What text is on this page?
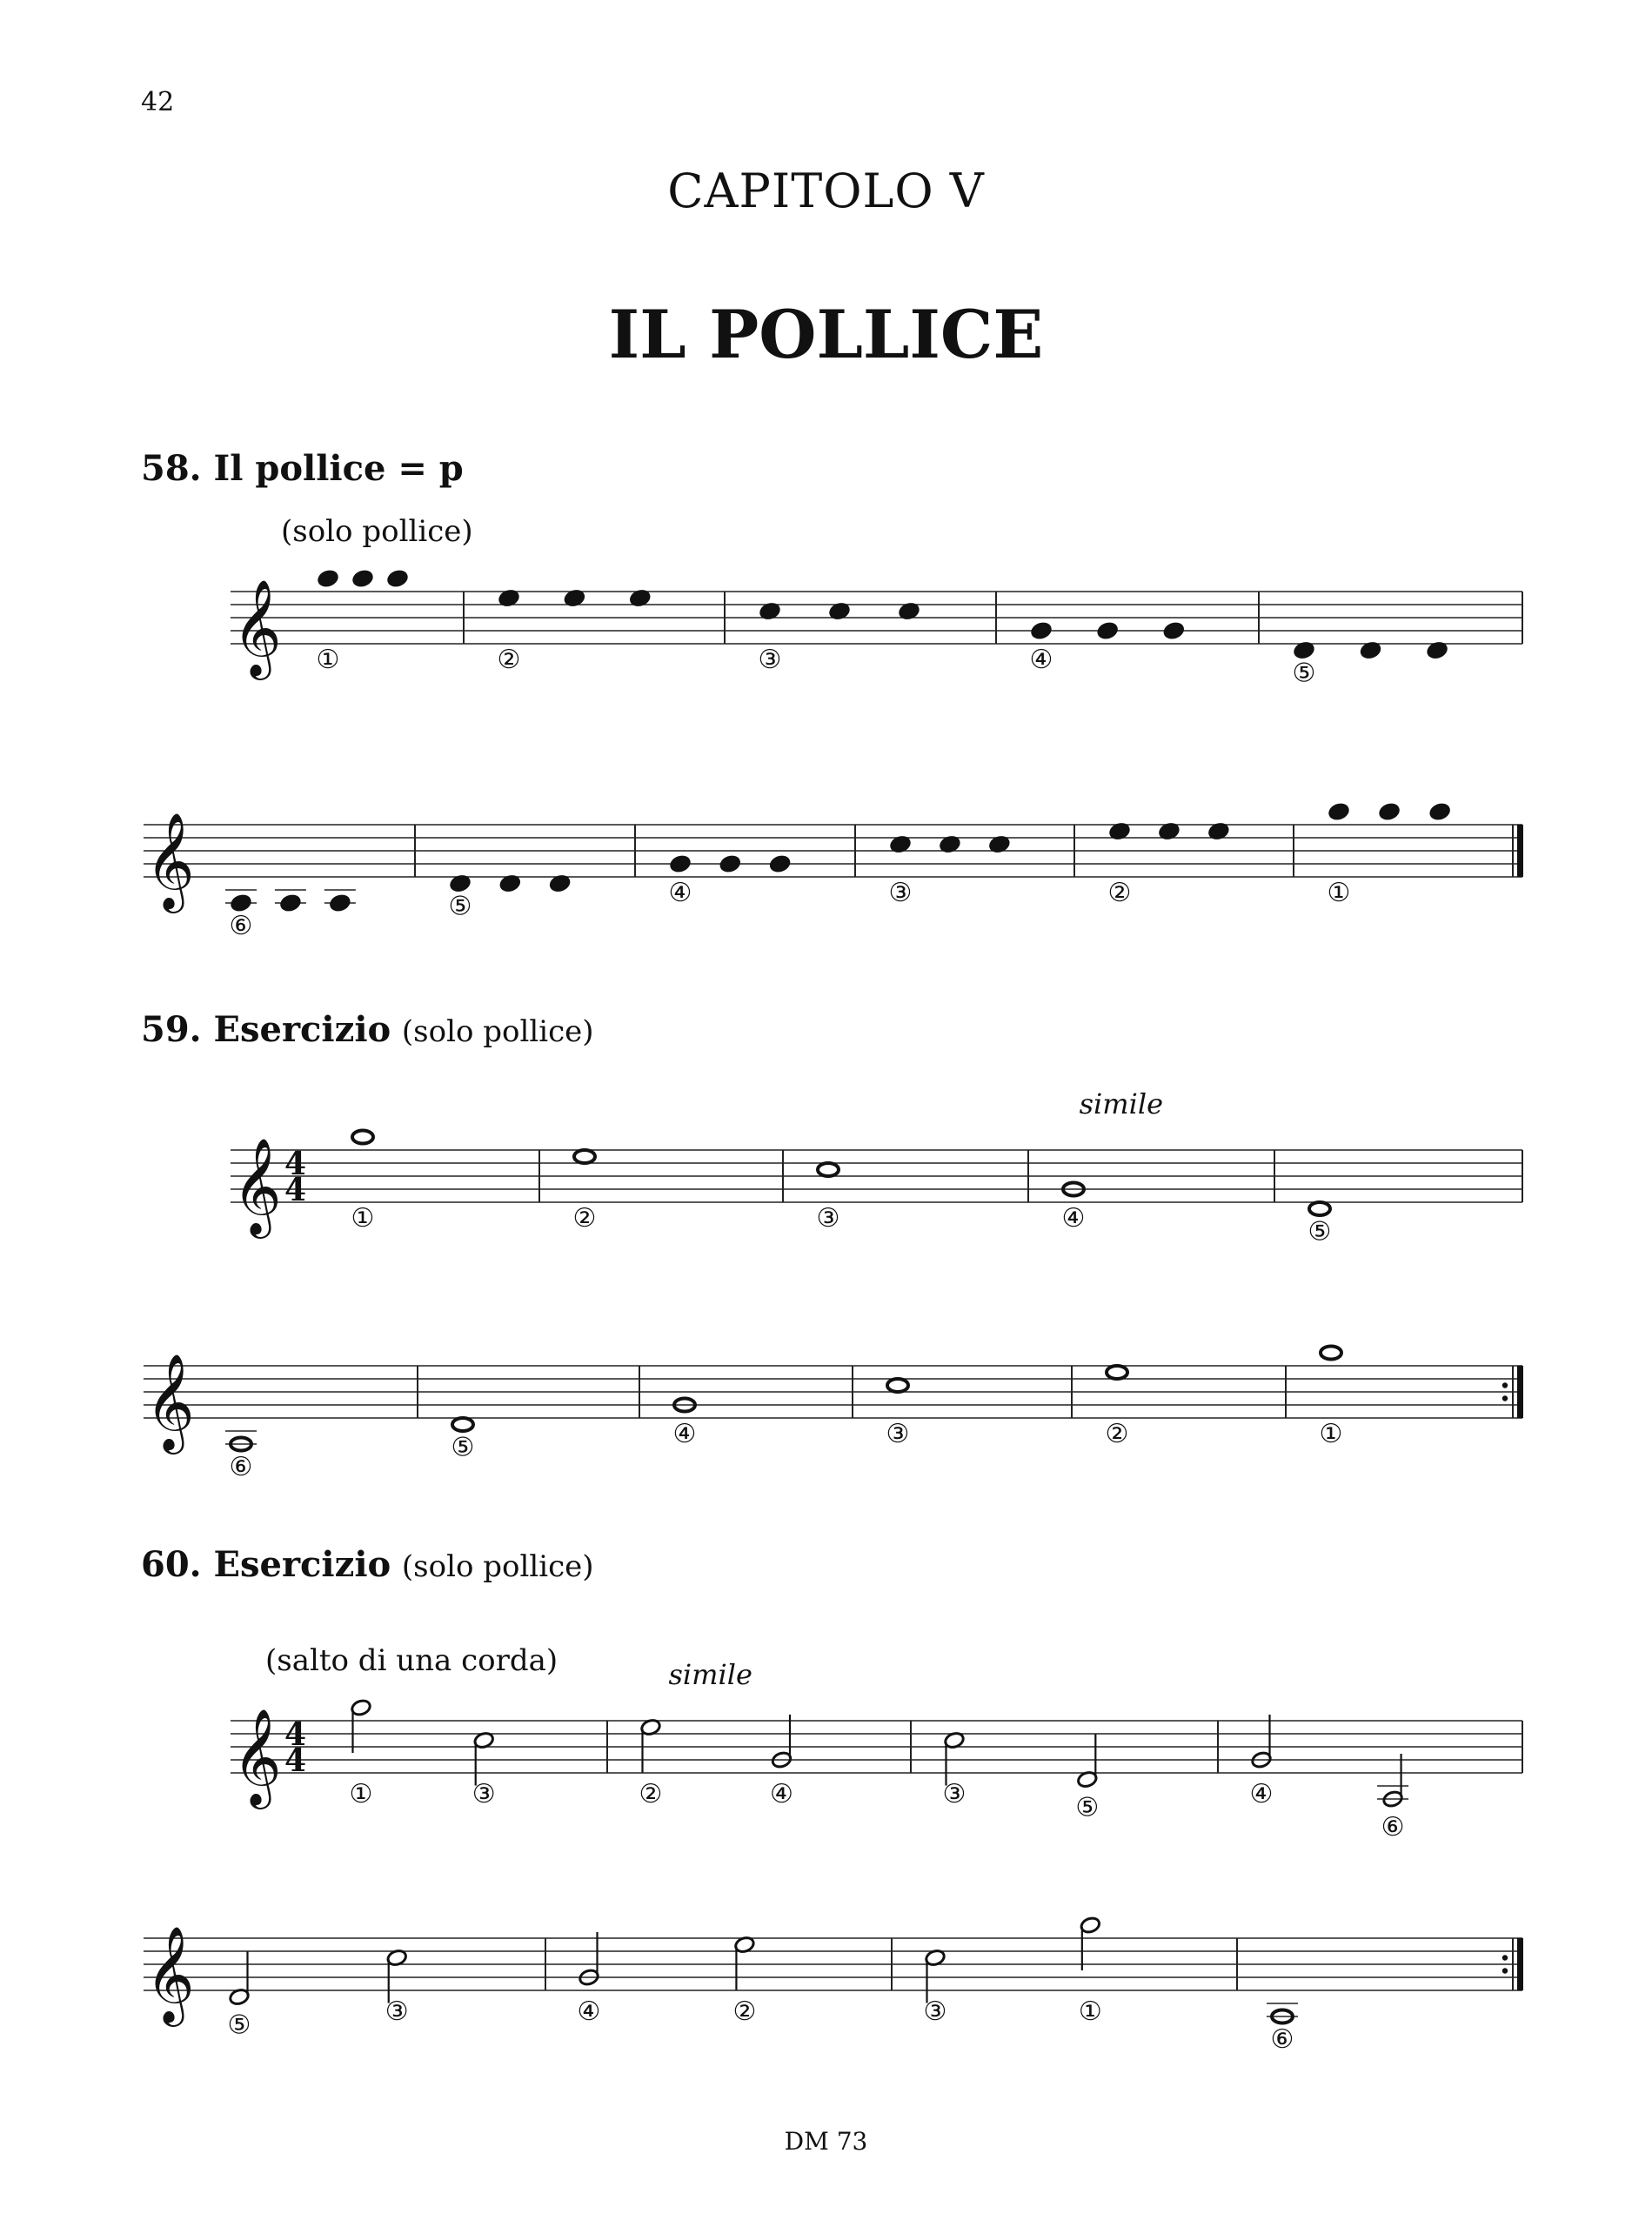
42
CAPITOLO V
IL POLLICE
58. Il pollice = p
59. Esercizio (solo pollice)
60. Esercizio (solo pollice)
𝄞
(solo pollice)
①	②	③	④	⑤
𝄞
⑥
⑤	④	③	②	①
𝄞 4
4
①	②	③
simile
④	⑤
𝄞
⑥
⑤	④	③	②	①
𝄞 4
4
(salto di una corda)
①	③
simile
②	④	③	⑤	④
⑥
𝄞
⑤	③	④	②	③	①
⑥
DM 73
